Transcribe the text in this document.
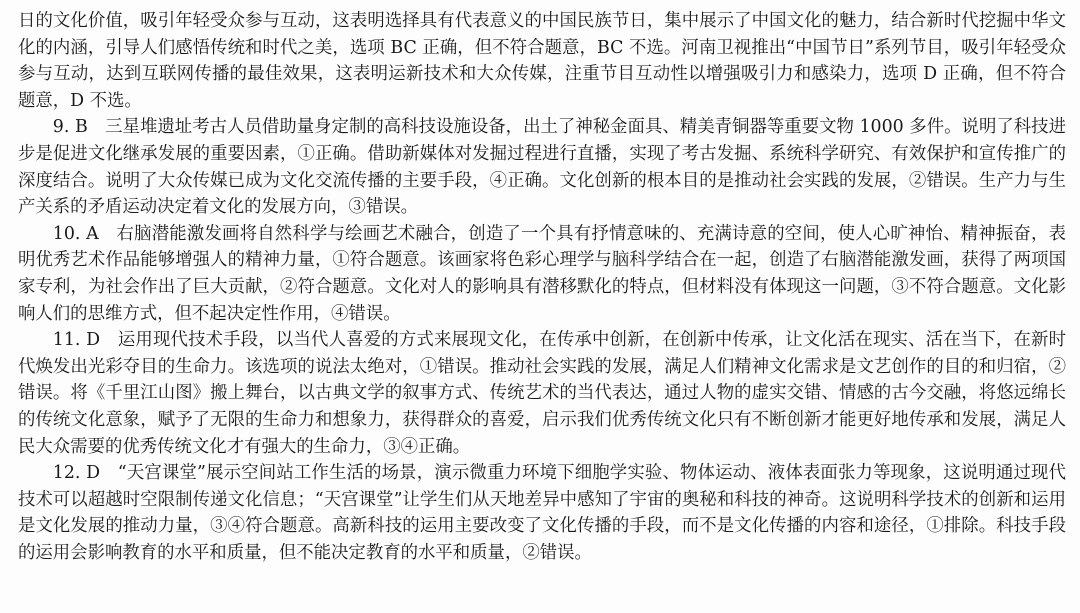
日的文化价值，吸引年轻受众参与互动，这表明选择具有代表意义的中国民族节日，集中展示了中国文化的魅力，结合新时代挖掘中华文化的内涵，引导人们感悟传统和时代之美，选项 BC 正确，但不符合题意，BC 不选。河南卫视推出“中国节日”系列节目，吸引年轻受众参与互动，达到互联网传播的最佳效果，这表明运新技术和大众传媒，注重节目互动性以增强吸引力和感染力，选项 D 正确，但不符合题意，D 不选。

9. B　三星堆遗址考古人员借助量身定制的高科技设施设备，出土了神秘金面具、精美青铜器等重要文物 1000 多件。说明了科技进步是促进文化继承发展的重要因素，①正确。借助新媒体对发掘过程进行直播，实现了考古发掘、系统科学研究、有效保护和宣传推广的深度结合。说明了大众传媒已成为文化交流传播的主要手段，④正确。文化创新的根本目的是推动社会实践的发展，②错误。生产力与生产关系的矛盾运动决定着文化的发展方向，③错误。

10. A　右脑潜能激发画将自然科学与绘画艺术融合，创造了一个具有抒情意味的、充满诗意的空间，使人心旷神怡、精神振奋，表明优秀艺术作品能够增强人的精神力量，①符合题意。该画家将色彩心理学与脑科学结合在一起，创造了右脑潜能激发画，获得了两项国家专利，为社会作出了巨大贡献，②符合题意。文化对人的影响具有潜移默化的特点，但材料没有体现这一问题，③不符合题意。文化影响人们的思维方式，但不起决定性作用，④错误。

11. D　运用现代技术手段，以当代人喜爱的方式来展现文化，在传承中创新，在创新中传承，让文化活在现实、活在当下，在新时代焕发出光彩夺目的生命力。该选项的说法太绝对，①错误。推动社会实践的发展，满足人们精神文化需求是文艺创作的目的和归宿，②错误。将《千里江山图》搬上舞台，以古典文学的叙事方式、传统艺术的当代表达，通过人物的虚实交错、情感的古今交融，将悠远绵长的传统文化意象，赋予了无限的生命力和想象力，获得群众的喜爱，启示我们优秀传统文化只有不断创新才能更好地传承和发展，满足人民大众需要的优秀传统文化才有强大的生命力，③④正确。

12. D　“天宫课堂”展示空间站工作生活的场景，演示微重力环境下细胞学实验、物体运动、液体表面张力等现象，这说明通过现代技术可以超越时空限制传递文化信息；“天宫课堂”让学生们从天地差异中感知了宇宙的奥秘和科技的神奇。这说明科学技术的创新和运用是文化发展的推动力量，③④符合题意。高新科技的运用主要改变了文化传播的手段，而不是文化传播的内容和途径，①排除。科技手段的运用会影响教育的水平和质量，但不能决定教育的水平和质量，②错误。
